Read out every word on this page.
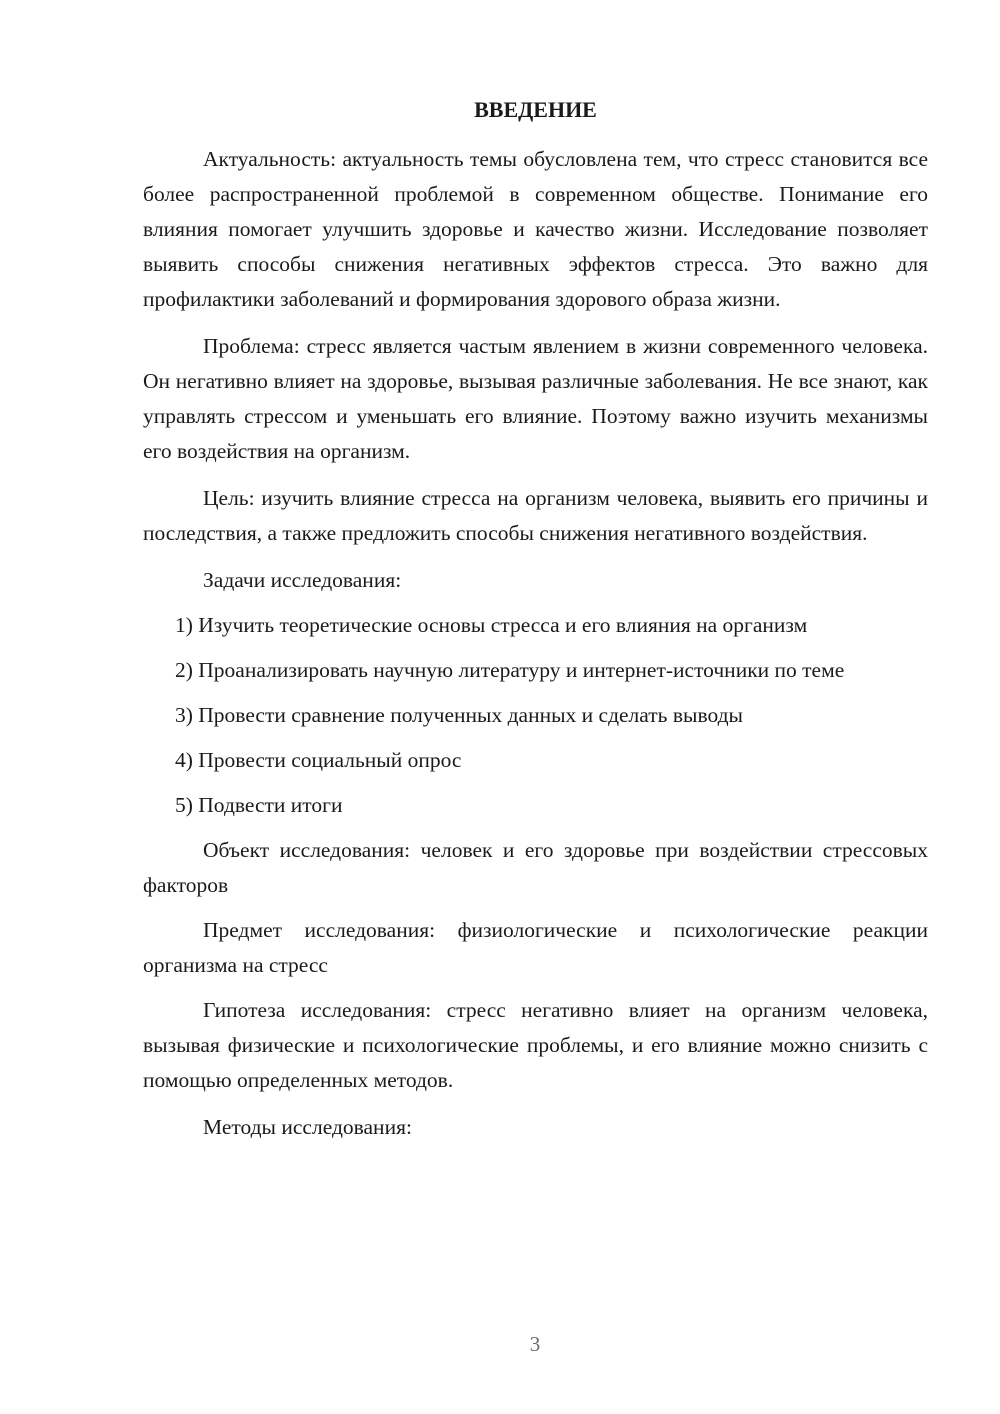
ВВЕДЕНИЕ

Актуальность: актуальность темы обусловлена тем, что стресс становится все более распространенной проблемой в современном обществе. Понимание его влияния помогает улучшить здоровье и качество жизни. Исследование позволяет выявить способы снижения негативных эффектов стресса. Это важно для профилактики заболеваний и формирования здорового образа жизни.

Проблема: стресс является частым явлением в жизни современного человека. Он негативно влияет на здоровье, вызывая различные заболевания. Не все знают, как управлять стрессом и уменьшать его влияние. Поэтому важно изучить механизмы его воздействия на организм.

Цель: изучить влияние стресса на организм человека, выявить его причины и последствия, а также предложить способы снижения негативного воздействия.

Задачи исследования:

1) Изучить теоретические основы стресса и его влияния на организм

2) Проанализировать научную литературу и интернет-источники по теме

3) Провести сравнение полученных данных и сделать выводы

4) Провести социальный опрос

5) Подвести итоги

Объект исследования: человек и его здоровье при воздействии стрессовых факторов

Предмет исследования: физиологические и психологические реакции организма на стресс

Гипотеза исследования: стресс негативно влияет на организм человека, вызывая физические и психологические проблемы, и его влияние можно снизить с помощью определенных методов.

Методы исследования:

3
